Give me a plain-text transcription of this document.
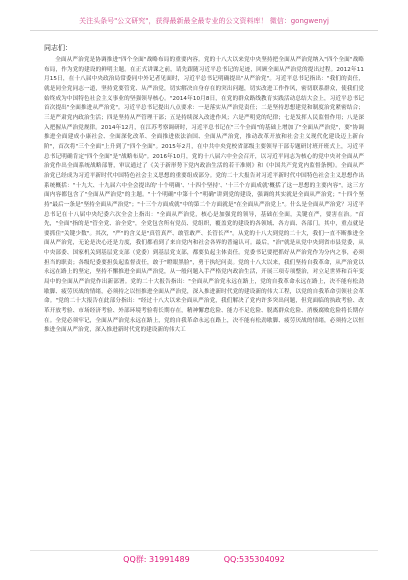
关注头条号"公文研究"，获得最新最全最专业的公文资料库！ 微信：gongwenyj

同志们：

全面从严治党是协调推进"四个全面"战略布局的重要内容。党的十八大以来党中央坚持把全面从严治党纳入"四个全面"战略布局，作为党的建设的鲜明主题。在正式讲课之前，请先跟随习近平总书记的足迹，回顾全面从严治党的提出过程。2012年11月15日，在十八届中央政治局常委同中外记者见面时，习近平总书记明确提出"从严治党"。习近平总书记指出："我们的责任，就是同全党同志一道，坚持党要管党、从严治党，切实解决自身存在的突出问题，切实改进工作作风，密切联系群众，使我们党始终成为中国特色社会主义事业的坚强领导核心。"2014年10月8日，在党的群众路线教育实践活动总结大会上，习近平总书记首次提出"全面推进从严治党"。习近平总书记提出八点要求：一是落实从严治党责任；二是坚持思想建党和制度治党紧密结合；三是严肃党内政治生活；四是坚持从严管理干部；五是持续深入改进作风；六是严明党的纪律；七是发挥人民监督作用；八是深入把握从严治党规律。2014年12月，在江苏考察调研时，习近平总书记在"三个全面"的基础上增加了"全面从严治党"，要"协调推进全面建成小康社会、全面深化改革、全面推进依法治国、全面从严治党，推动改革开放和社会主义现代化建设迈上新台阶"，首次将"三个全面"上升到了"四个全面"。2015年2月，在中共中央党校省部级主要领导干部专题研讨班开班式上，习近平总书记明确肯定"四个全面"是"战略布局"。2016年10月，党的十八届六中全会召开，以习近平同志为核心的党中央对全面从严治党作出全面系统战略部署，审议通过了《关于新形势下党内政治生活的若干准则》和《中国共产党党内监督条例》。全面从严治党已经成为习近平新时代中国特色社会主义思想的重要组成部分。党的二十大报告对习近平新时代中国特色社会主义思想作出系统概括："十九大、十九届六中全会提出的'十个明确'、'十四个坚持'、'十三个方面成就'概括了这一思想的主要内容"，这三方面内容都包含了"全面从严治党"的主题。"十个明确"中第十个"明确"讲到党的建设，强调的其实就是全面从严治党；"十四个坚持"最后一条是"坚持全面从严治党"；"十三个方面成就"中的第二个方面就是"在全面从严治党上"。什么是全面从严治党？习近平总书记在十八届中央纪委六次全会上指出："全面从严治党，核心是加强党的领导，基础在全面，关键在严，要害在治。"首先，"全面"指的是"管全党、治全党"，全党包含所有党员、党组织，覆盖党的建设的各领域、各方面、各部门。其中，重点就是要抓住"关键少数"。其次，"严"的含义是"真管真严、敢管敢严、长管长严"。从党的十八大到党的二十大，我们一直不断推进全面从严治党，无论是决心还是力度，我们都看到了来自党内和社会各界的普遍认可。最后，"治"就是从党中央到省市县党委，从中央部委、国家机关到基层党支部（党委）到基层党支部，都要负起主体责任。党委书记要把抓好从严治党作为分内之事，必须担当的职责；各级纪委要担负起监督责任，敢于"瞪眼黑脸"，勇于执纪问责。党的十八大以来，我们坚持自我革命，从严治党以永远在路上的坚定，坚持不懈推进全面从严治党，从一般问题入手严格党内政治生活，开展三项专项整治，对立足世界和百年变局中的全面从严治党作出新部署。党的二十大报告指出："全面从严治党永远在路上，党的自我革命永远在路上，决不能有松劲歇脚、疲劳厌战的情绪，必须持之以恒推进全面从严治党，深入推进新时代党的建设新的伟大工程，以党的自我革命引领社会革命。"党的二十大报告在此部分指出："经过十八大以来全面从严治党，我们解决了党内许多突出问题，但党面临的执政考验、改革开放考验、市场经济考验、外部环境考验将长期存在，精神懈怠危险、能力不足危险、脱离群众危险、消极腐败危险将长期存在。全党必须牢记，全面从严治党永远在路上，党的自我革命永远在路上，决不能有松劲歇脚、疲劳厌战的情绪，必须持之以恒推进全面从严治党，深入推进新时代党的建设新的伟大工

QQ群: 31991489	QQ:535304092
